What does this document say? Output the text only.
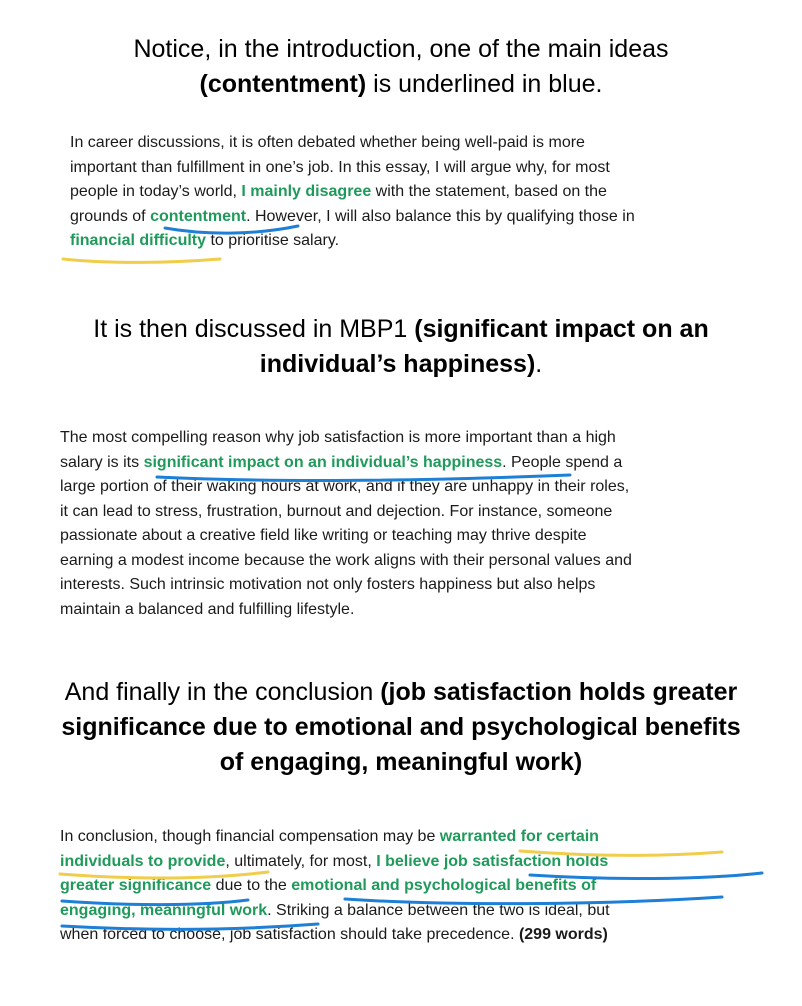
Notice, in the introduction, one of the main ideas
(contentment) is underlined in blue.
In career discussions, it is often debated whether being well-paid is more
important than fulfillment in one’s job. In this essay, I will argue why, for most
people in today’s world, I mainly disagree with the statement, based on the
grounds of contentment. However, I will also balance this by qualifying those in
financial difficulty to prioritise salary.
It is then discussed in MBP1 (significant impact on an
individual’s happiness).
The most compelling reason why job satisfaction is more important than a high
salary is its significant impact on an individual’s happiness. People spend a
large portion of their waking hours at work, and if they are unhappy in their roles,
it can lead to stress, frustration, burnout and dejection. For instance, someone
passionate about a creative field like writing or teaching may thrive despite
earning a modest income because the work aligns with their personal values and
interests. Such intrinsic motivation not only fosters happiness but also helps
maintain a balanced and fulfilling lifestyle.
And finally in the conclusion (job satisfaction holds greater
significance due to emotional and psychological benefits
of engaging, meaningful work)
In conclusion, though financial compensation may be warranted for certain
individuals to provide, ultimately, for most, I believe job satisfaction holds
greater significance due to the emotional and psychological benefits of
engaging, meaningful work. Striking a balance between the two is ideal, but
when forced to choose, job satisfaction should take precedence. (299 words)
